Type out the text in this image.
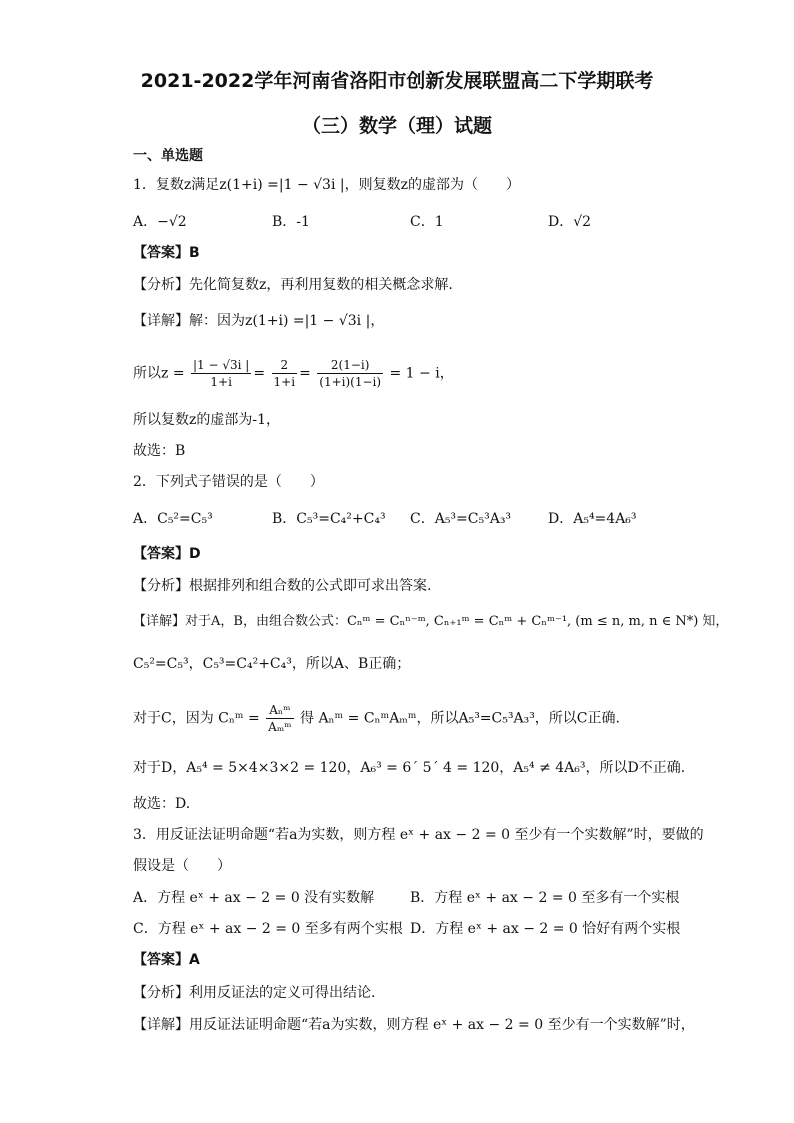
2021-2022学年河南省洛阳市创新发展联盟高二下学期联考
（三）数学（理）试题
一、单选题
1．复数z满足z(1+i) =|1 − √3i |，则复数z的虚部为（　　）
A．−√2	B．-1	C．1	D．√2
【答案】B
【分析】先化简复数z，再利用复数的相关概念求解.
【详解】解：因为z(1+i) =|1 − √3i |，
所以$z = \frac{|1 - √3i |}{1+i} = \frac{2}{1+i} = \frac{2(1-i)}{(1+i)(1-i)} = 1 - i$，
所以复数z的虚部为-1，
故选：B
2．下列式子错误的是（　　）
A．C₅²=C₅³	B．C₅³=C₄²+C₄³ C．A₅³=C₅³A₃³	D．A₅⁴=4A₆³
【答案】D
【分析】根据排列和组合数的公式即可求出答案.
【详解】对于A，B，由组合数公式：Cₙᵐ = Cₙⁿ⁻ᵐ, Cₙ₊₁ᵐ = Cₙᵐ + Cₙᵐ⁻¹, (m ≤ n, m, n ∈ N*) 知，
C₅²=C₅³，C₅³=C₄²+C₄³，所以A、B正确；
对于C，因为 Cₙᵐ = $\frac{\text{Aₙᵐ}}{\text{Aₘᵐ}}$ 得 Aₙᵐ = CₙᵐAₘᵐ，所以A₅³=C₅³A₃³，所以C正确.
对于D，A₅⁴ = 5×4×3×2 = 120，A₆³ = 6´ 5´ 4 = 120，A₅⁴ ≠ 4A₆³，所以D不正确.
故选：D.
3．用反证法证明命题“若a为实数，则方程 eˣ + ax − 2 = 0 至少有一个实数解”时，要做的
假设是（　　）
A．方程 eˣ + ax − 2 = 0 没有实数解	B．方程 eˣ + ax − 2 = 0 至多有一个实根
C．方程 eˣ + ax − 2 = 0 至多有两个实根 D．方程 eˣ + ax − 2 = 0 恰好有两个实根
【答案】A
【分析】利用反证法的定义可得出结论.
【详解】用反证法证明命题“若a为实数，则方程 eˣ + ax − 2 = 0 至少有一个实数解”时，
